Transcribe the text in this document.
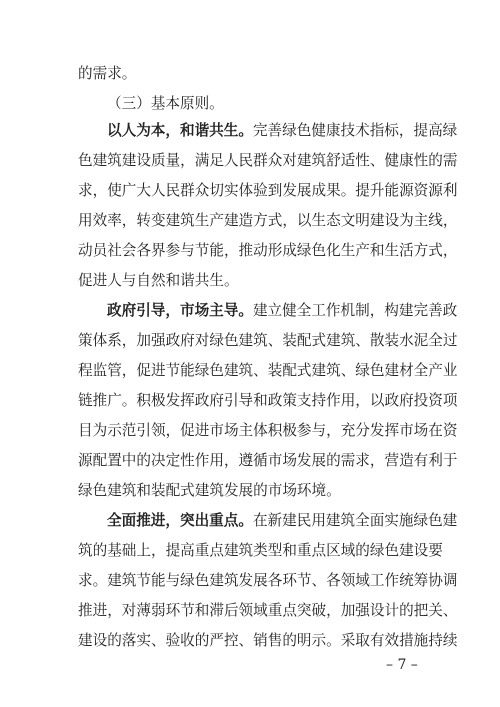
的需求。
（三）基本原则。
以人为本，和谐共生。完善绿色健康技术指标，提高绿
色建筑建设质量，满足人民群众对建筑舒适性、健康性的需
求，使广大人民群众切实体验到发展成果。提升能源资源利
用效率，转变建筑生产建造方式，以生态文明建设为主线，
动员社会各界参与节能，推动形成绿色化生产和生活方式，
促进人与自然和谐共生。
政府引导，市场主导。建立健全工作机制，构建完善政
策体系，加强政府对绿色建筑、装配式建筑、散装水泥全过
程监管，促进节能绿色建筑、装配式建筑、绿色建材全产业
链推广。积极发挥政府引导和政策支持作用，以政府投资项
目为示范引领，促进市场主体积极参与，充分发挥市场在资
源配置中的决定性作用，遵循市场发展的需求，营造有利于
绿色建筑和装配式建筑发展的市场环境。
全面推进，突出重点。在新建民用建筑全面实施绿色建
筑的基础上，提高重点建筑类型和重点区域的绿色建设要
求。建筑节能与绿色建筑发展各环节、各领域工作统筹协调
推进，对薄弱环节和滞后领域重点突破，加强设计的把关、
建设的落实、验收的严控、销售的明示。采取有效措施持续
– 7 –
